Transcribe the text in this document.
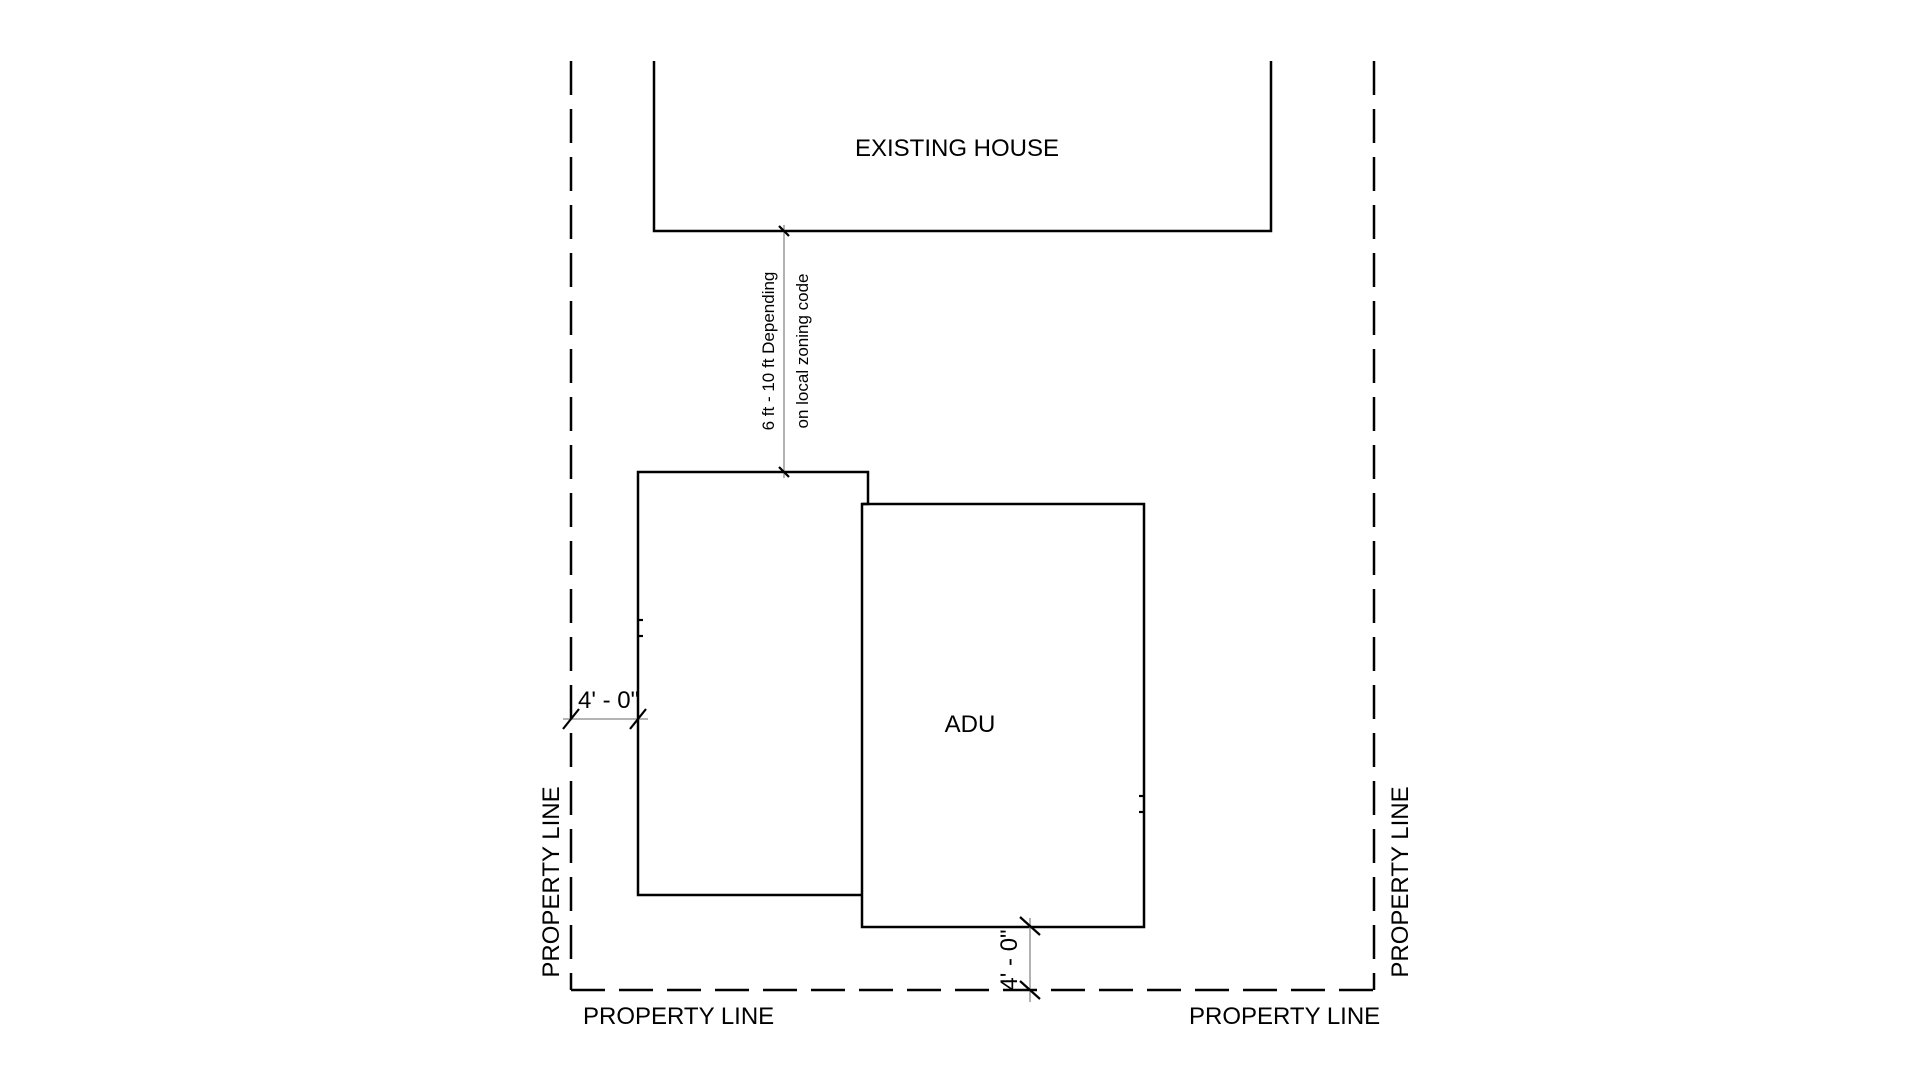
EXISTING HOUSE
ADU
6 ft - 10 ft Depending on local zoning code
4' - 0"
4' - 0"
PROPERTY LINE	PROPERTY LINE
PROPERTY LINE	PROPERTY LINE
